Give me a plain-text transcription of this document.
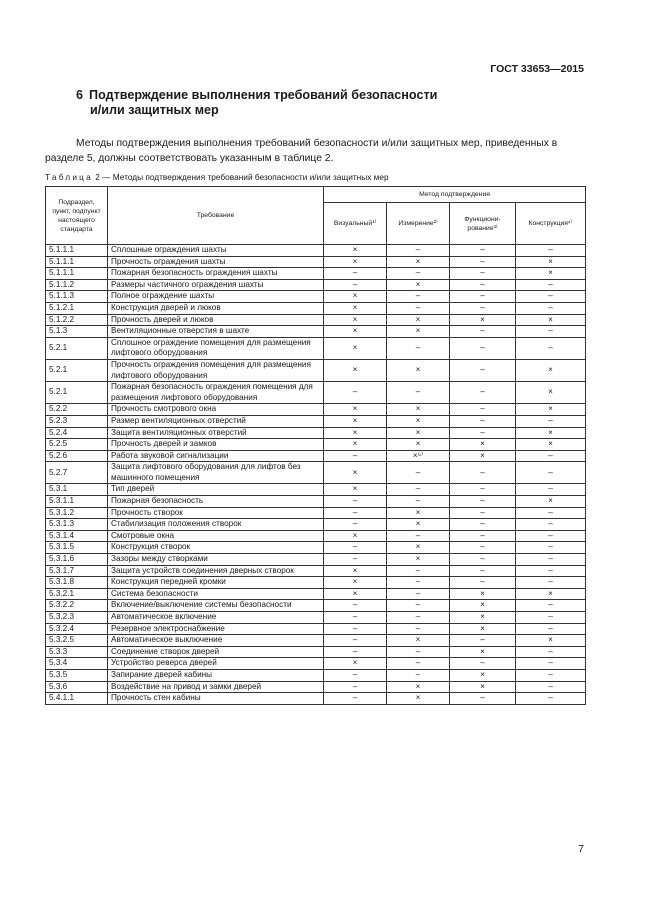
ГОСТ 33653—2015
6 Подтверждение выполнения требований безопасности
и/или защитных мер
Методы подтверждения выполнения требований безопасности и/или защитных мер, приведенных в разделе 5, должны соответствовать указанным в таблице 2.
Таблица 2 — Методы подтверждения требований безопасности и/или защитных мер
Подраздел, пункт, подпункт настоящего стандарта	Требование	Метод подтверждения			
		Визуальный¹⁾	Измерение²⁾	Функциони- рование³⁾	Конструкция⁴⁾
5.1.1.1	Сплошные ограждения шахты	×	–	–	–
5.1.1.1	Прочность ограждения шахты	×	×	–	×
5.1.1.1	Пожарная безопасность ограждения шахты	–	–	–	×
5.1.1.2	Размеры частичного ограждения шахты	–	×	–	–
5.1.1.3	Полное ограждение шахты	×	–	–	–
5.1.2.1	Конструкция дверей и люков	×	–	–	–
5.1.2.2	Прочность дверей и люков	×	×	×	×
5.1.3	Вентиляционные отверстия в шахте	×	×	–	–
5.2.1	Сплошное ограждение помещения для размещения лифтового оборудования	×	–	–	–
5.2.1	Прочность ограждения помещения для размещения лифтового оборудования	×	×	–	×
5.2.1	Пожарная безопасность ограждения помещения для размещения лифтового оборудования	–	–	–	×
5.2.2	Прочность смотрового окна	×	×	–	×
5.2.3	Размер вентиляционных отверстий	×	×	–	–
5.2.4	Защита вентиляционных отверстий	×	×	–	×
5.2.5	Прочность дверей и замков	×	×	×	×
5.2.6	Работа звуковой сигнализации	–	×⁵⁾	×	–
5.2.7	Защита лифтового оборудования для лифтов без машинного помещения	×	–	–	–
5.3.1	Тип дверей	×	–	–	–
5.3.1.1	Пожарная безопасность	–	–	–	×
5.3.1.2	Прочность створок	–	×	–	–
5.3.1.3	Стабилизация положения створок	–	×	–	–
5.3.1.4	Смотровые окна	×	–	–	–
5.3.1.5	Конструкция створок	–	×	–	–
5.3.1.6	Зазоры между створками	–	×	–	–
5.3.1.7	Защита устройств соединения дверных створок	×	–	–	–
5.3.1.8	Конструкция передней кромки	×	–	–	–
5.3.2.1	Система безопасности	×	–	×	×
5.3.2.2	Включение/выключение системы безопасности	–	–	×	–
5.3.2.3	Автоматическое включение	–	–	×	–
5.3.2.4	Резервное электроснабжение	–	–	×	–
5.3.2.5	Автоматическое выключение	–	×	–	×
5.3.3	Соединение створок дверей	–	–	×	–
5.3.4	Устройство реверса дверей	×	–	–	–
5.3.5	Запирание дверей кабины	–	–	×	–
5.3.6	Воздействие на привод и замки дверей	–	×	×	–
5.4.1.1	Прочность стен кабины	–	×	–	–
7
